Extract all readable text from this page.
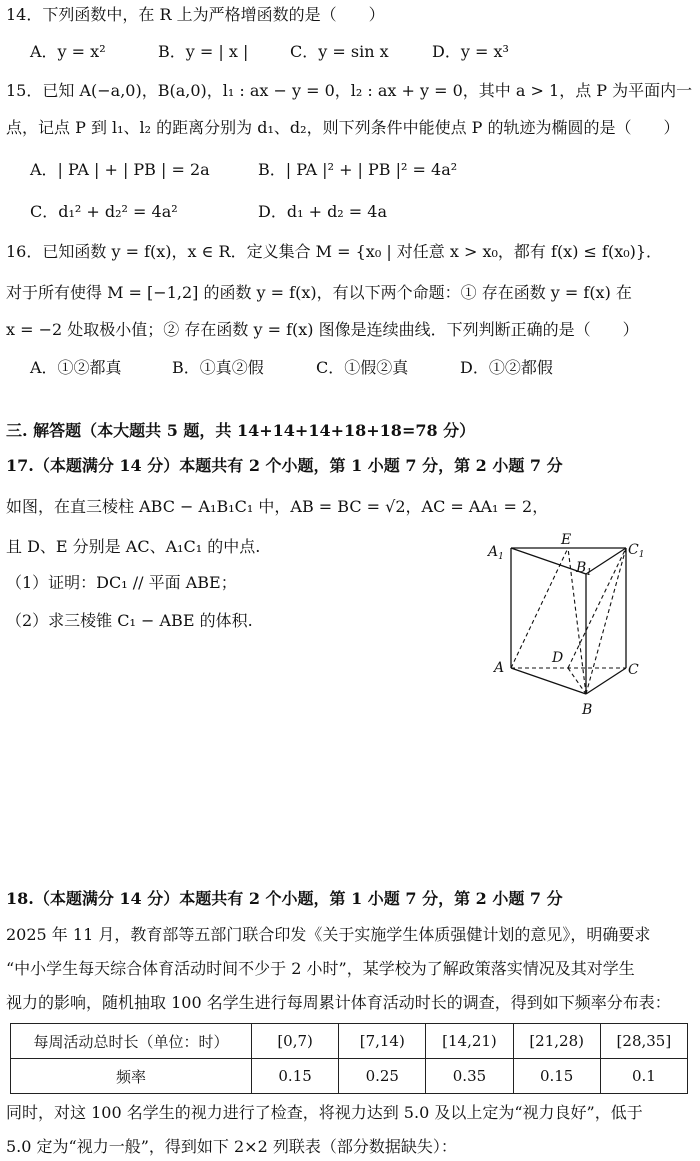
14．下列函数中，在 R 上为严格增函数的是（　　）
A．y = x²	B．y = | x |	C．y = sin x	D．y = x³
15．已知 A(−a,0)，B(a,0)，l₁ : ax − y = 0，l₂ : ax + y = 0，其中 a > 1，点 P 为平面内一
点，记点 P 到 l₁、l₂ 的距离分别为 d₁、d₂，则下列条件中能使点 P 的轨迹为椭圆的是（　　）
A．| PA | + | PB | = 2a	B．| PA |² + | PB |² = 4a²
C．d₁² + d₂² = 4a²	D．d₁ + d₂ = 4a
16．已知函数 y = f(x)，x ∈ R．定义集合 M = {x₀ | 对任意 x > x₀，都有 f(x) ≤ f(x₀)}．
对于所有使得 M = [−1,2] 的函数 y = f(x)，有以下两个命题：① 存在函数 y = f(x) 在
x = −2 处取极小值；② 存在函数 y = f(x) 图像是连续曲线．下列判断正确的是（　　）
A．①②都真	B．①真②假	C．①假②真	D．①②都假
三. 解答题（本大题共 5 题，共 14+14+14+18+18=78 分）
17.（本题满分 14 分）本题共有 2 个小题，第 1 小题 7 分，第 2 小题 7 分
如图，在直三棱柱 ABC − A₁B₁C₁ 中，AB = BC = √2，AC = AA₁ = 2，
且 D、E 分别是 AC、A₁C₁ 的中点.
（1）证明：DC₁ // 平面 ABE；
（2）求三棱锥 C₁ − ABE 的体积.
$A_1$
E
$C_1$
$B_1$
D
A	C
B
18.（本题满分 14 分）本题共有 2 个小题，第 1 小题 7 分，第 2 小题 7 分
2025 年 11 月，教育部等五部门联合印发《关于实施学生体质强健计划的意见》，明确要求
“中小学生每天综合体育活动时间不少于 2 小时”，某学校为了解政策落实情况及其对学生
视力的影响，随机抽取 100 名学生进行每周累计体育活动时长的调查，得到如下频率分布表：
每周活动总时长（单位：时）	[0,7)	[7,14)	[14,21)	[21,28)	[28,35]
频率	0.15	0.25	0.35	0.15	0.1
同时，对这 100 名学生的视力进行了检查，将视力达到 5.0 及以上定为“视力良好”，低于
5.0 定为“视力一般”，得到如下 2×2 列联表（部分数据缺失）：
